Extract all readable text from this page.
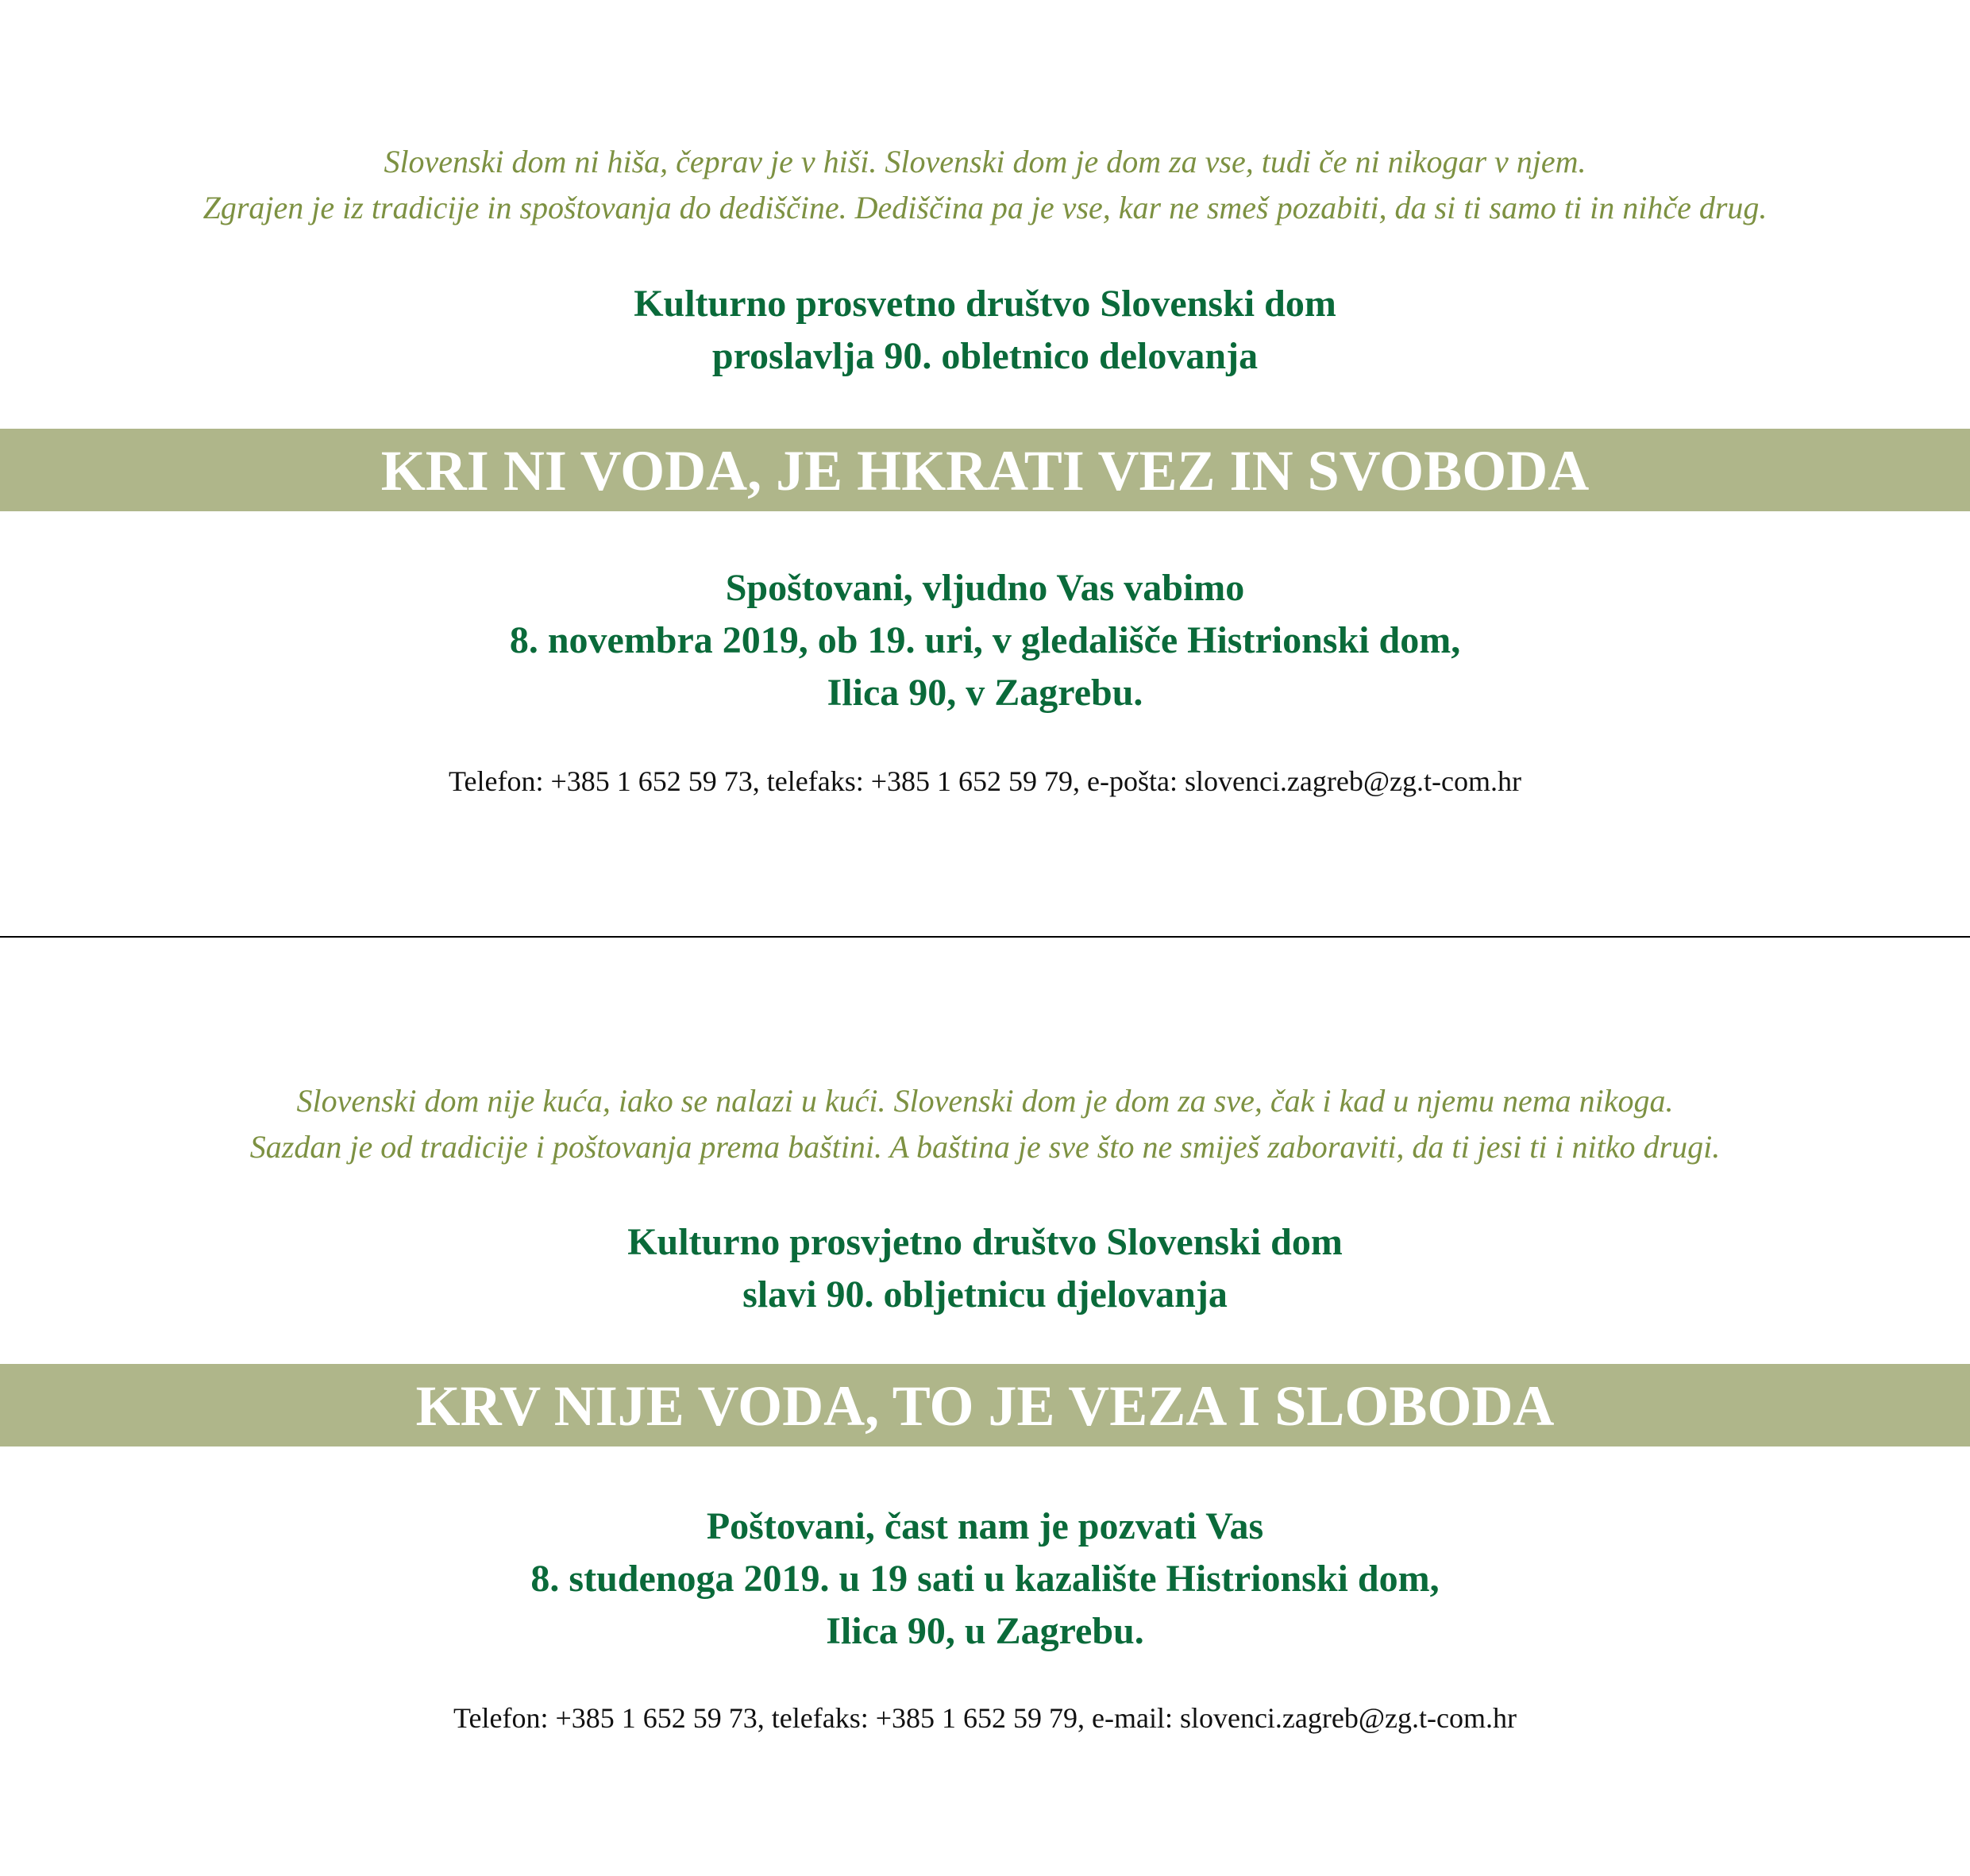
Slovenski dom ni hiša, čeprav je v hiši. Slovenski dom je dom za vse, tudi če ni nikogar v njem.
Zgrajen je iz tradicije in spoštovanja do dediščine. Dediščina pa je vse, kar ne smeš pozabiti, da si ti samo ti in nihče drug.

Kulturno prosvetno društvo Slovenski dom
proslavlja 90. obletnico delovanja
KRI NI VODA, JE HKRATI VEZ IN SVOBODA

Spoštovani, vljudno Vas vabimo
8. novembra 2019, ob 19. uri, v gledališče Histrionski dom,
Ilica 90, v Zagrebu.

Telefon: +385 1 652 59 73, telefaks: +385 1 652 59 79, e-pošta: slovenci.zagreb@zg.t-com.hr

Slovenski dom nije kuća, iako se nalazi u kući. Slovenski dom je dom za sve, čak i kad u njemu nema nikoga.
Sazdan je od tradicije i poštovanja prema baštini. A baština je sve što ne smiješ zaboraviti, da ti jesi ti i nitko drugi.

Kulturno prosvjetno društvo Slovenski dom
slavi 90. obljetnicu djelovanja
KRV NIJE VODA, TO JE VEZA I SLOBODA

Poštovani, čast nam je pozvati Vas
8. studenoga 2019. u 19 sati u kazalište Histrionski dom,
Ilica 90, u Zagrebu.

Telefon: +385 1 652 59 73, telefaks: +385 1 652 59 79, e-mail: slovenci.zagreb@zg.t-com.hr
